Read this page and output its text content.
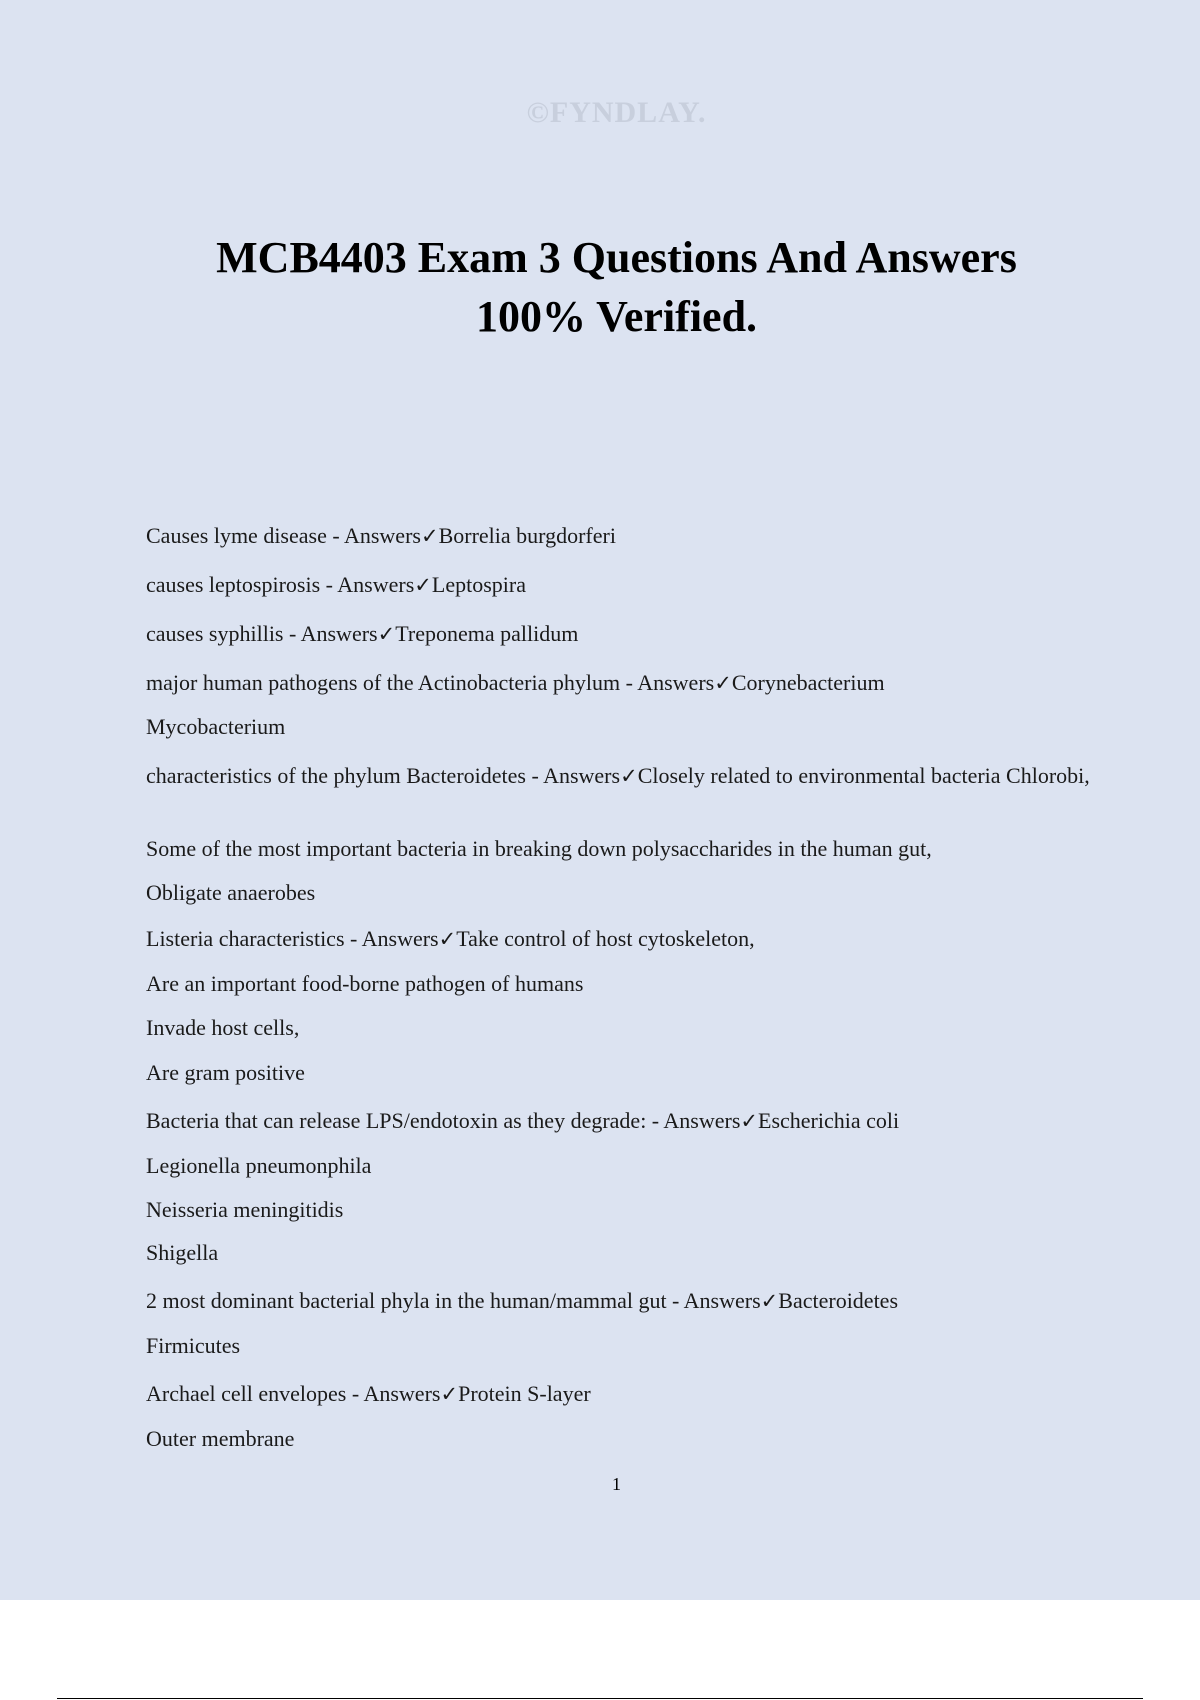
©FYNDLAY.
MCB4403 Exam 3 Questions And Answers
100% Verified.
Causes lyme disease - Answers✓Borrelia burgdorferi
causes leptospirosis - Answers✓Leptospira
causes syphillis - Answers✓Treponema pallidum
major human pathogens of the Actinobacteria phylum - Answers✓Corynebacterium
Mycobacterium
characteristics of the phylum Bacteroidetes - Answers✓Closely related to environmental bacteria Chlorobi,
Some of the most important bacteria in breaking down polysaccharides in the human gut,
Obligate anaerobes
Listeria characteristics - Answers✓Take control of host cytoskeleton,
Are an important food-borne pathogen of humans
Invade host cells,
Are gram positive
Bacteria that can release LPS/endotoxin as they degrade: - Answers✓Escherichia coli
Legionella pneumonphila
Neisseria meningitidis
Shigella
2 most dominant bacterial phyla in the human/mammal gut - Answers✓Bacteroidetes
Firmicutes
Archael cell envelopes - Answers✓Protein S-layer
Outer membrane
1
